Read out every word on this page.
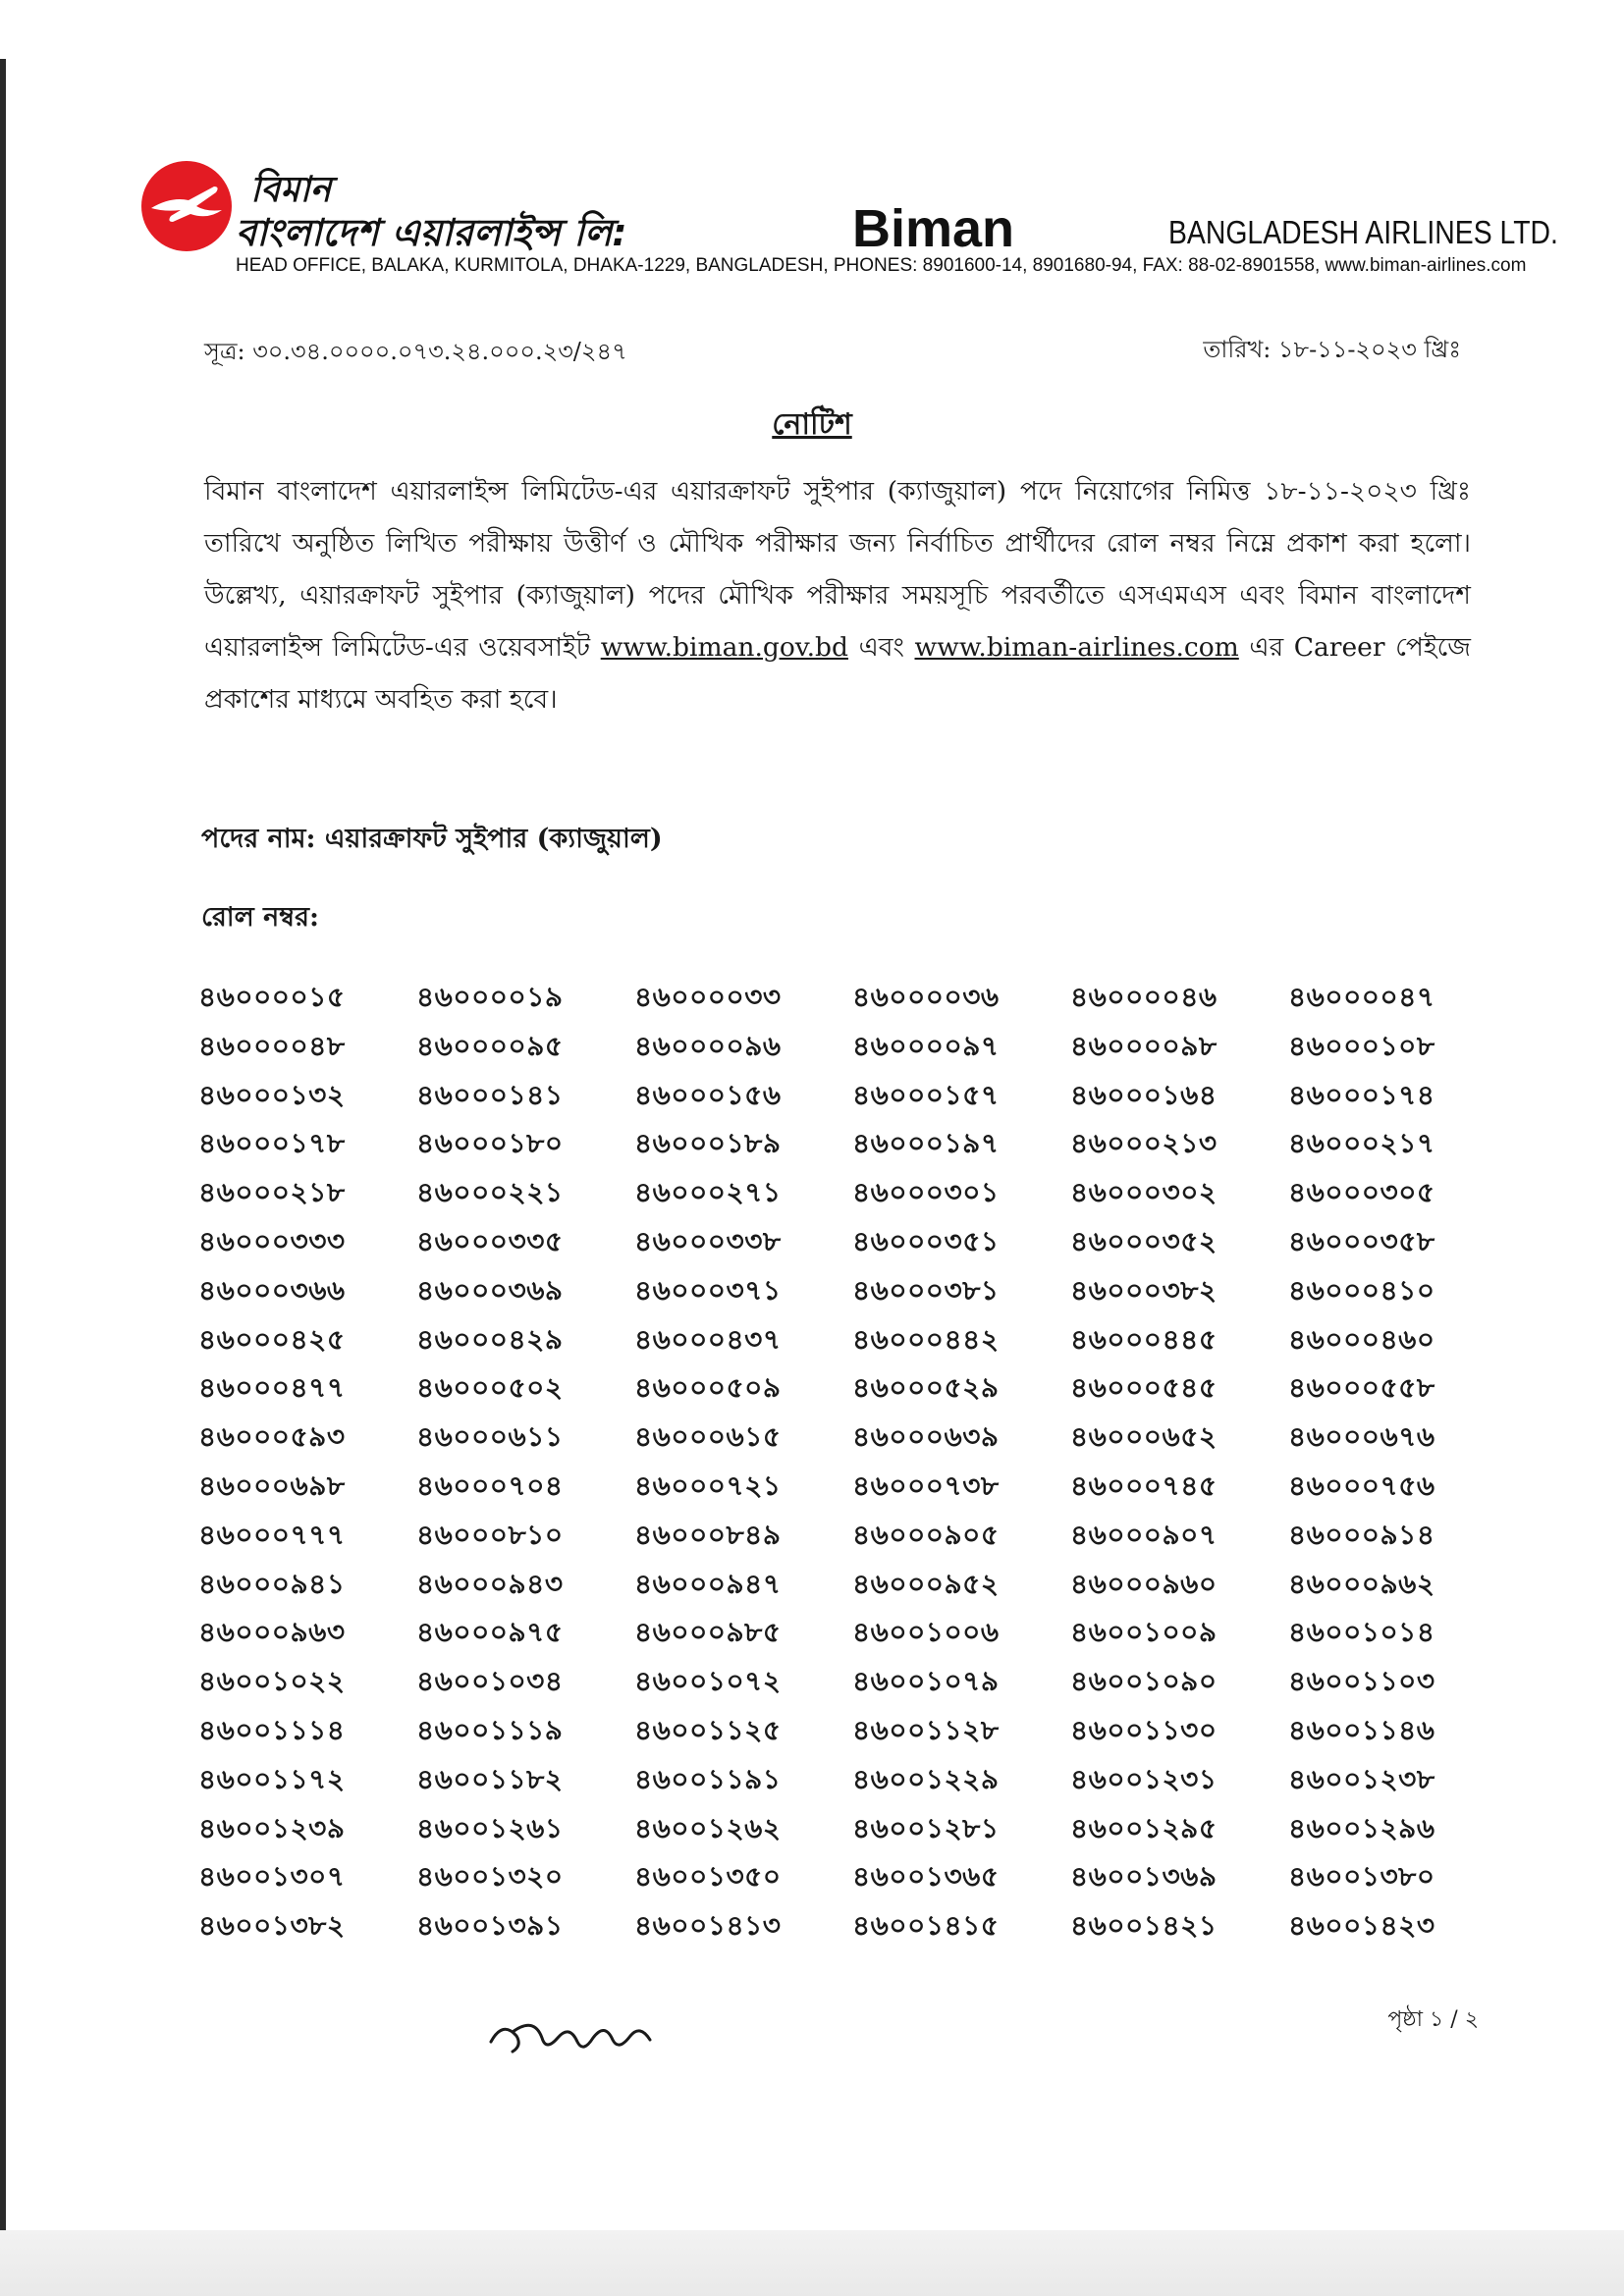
বিমান
বাংলাদেশ এয়ারলাইন্স লি:	Biman	BANGLADESH AIRLINES LTD.
HEAD OFFICE, BALAKA, KURMITOLA, DHAKA-1229, BANGLADESH, PHONES: 8901600-14, 8901680-94, FAX: 88-02-8901558, www.biman-airlines.com
সূত্র: ৩০.৩৪.০০০০.০৭৩.২৪.০০০.২৩/২৪৭	তারিখ: ১৮-১১-২০২৩ খ্রিঃ
নোটিশ
বিমান বাংলাদেশ এয়ারলাইন্স লিমিটেড-এর এয়ারক্রাফট সুইপার (ক্যাজুয়াল) পদে নিয়োগের নিমিত্ত ১৮-১১-২০২৩ খ্রিঃ তারিখে অনুষ্ঠিত লিখিত পরীক্ষায় উত্তীর্ণ ও মৌখিক পরীক্ষার জন্য নির্বাচিত প্রার্থীদের রোল নম্বর নিম্নে প্রকাশ করা হলো। উল্লেখ্য, এয়ারক্রাফট সুইপার (ক্যাজুয়াল) পদের মৌখিক পরীক্ষার সময়সূচি পরবর্তীতে এসএমএস এবং বিমান বাংলাদেশ এয়ারলাইন্স লিমিটেড-এর ওয়েবসাইট www.biman.gov.bd এবং www.biman-airlines.com এর Career পেইজে প্রকাশের মাধ্যমে অবহিত করা হবে।
পদের নাম: এয়ারক্রাফট সুইপার (ক্যাজুয়াল)
রোল নম্বর:
৪৬০০০০১৫	৪৬০০০০১৯	৪৬০০০০৩৩	৪৬০০০০৩৬	৪৬০০০০৪৬	৪৬০০০০৪৭
৪৬০০০০৪৮	৪৬০০০০৯৫	৪৬০০০০৯৬	৪৬০০০০৯৭	৪৬০০০০৯৮	৪৬০০০১০৮
৪৬০০০১৩২	৪৬০০০১৪১	৪৬০০০১৫৬	৪৬০০০১৫৭	৪৬০০০১৬৪	৪৬০০০১৭৪
৪৬০০০১৭৮	৪৬০০০১৮০	৪৬০০০১৮৯	৪৬০০০১৯৭	৪৬০০০২১৩	৪৬০০০২১৭
৪৬০০০২১৮	৪৬০০০২২১	৪৬০০০২৭১	৪৬০০০৩০১	৪৬০০০৩০২	৪৬০০০৩০৫
৪৬০০০৩৩৩	৪৬০০০৩৩৫	৪৬০০০৩৩৮	৪৬০০০৩৫১	৪৬০০০৩৫২	৪৬০০০৩৫৮
৪৬০০০৩৬৬	৪৬০০০৩৬৯	৪৬০০০৩৭১	৪৬০০০৩৮১	৪৬০০০৩৮২	৪৬০০০৪১০
৪৬০০০৪২৫	৪৬০০০৪২৯	৪৬০০০৪৩৭	৪৬০০০৪৪২	৪৬০০০৪৪৫	৪৬০০০৪৬০
৪৬০০০৪৭৭	৪৬০০০৫০২	৪৬০০০৫০৯	৪৬০০০৫২৯	৪৬০০০৫৪৫	৪৬০০০৫৫৮
৪৬০০০৫৯৩	৪৬০০০৬১১	৪৬০০০৬১৫	৪৬০০০৬৩৯	৪৬০০০৬৫২	৪৬০০০৬৭৬
৪৬০০০৬৯৮	৪৬০০০৭০৪	৪৬০০০৭২১	৪৬০০০৭৩৮	৪৬০০০৭৪৫	৪৬০০০৭৫৬
৪৬০০০৭৭৭	৪৬০০০৮১০	৪৬০০০৮৪৯	৪৬০০০৯০৫	৪৬০০০৯০৭	৪৬০০০৯১৪
৪৬০০০৯৪১	৪৬০০০৯৪৩	৪৬০০০৯৪৭	৪৬০০০৯৫২	৪৬০০০৯৬০	৪৬০০০৯৬২
৪৬০০০৯৬৩	৪৬০০০৯৭৫	৪৬০০০৯৮৫	৪৬০০১০০৬	৪৬০০১০০৯	৪৬০০১০১৪
৪৬০০১০২২	৪৬০০১০৩৪	৪৬০০১০৭২	৪৬০০১০৭৯	৪৬০০১০৯০	৪৬০০১১০৩
৪৬০০১১১৪	৪৬০০১১১৯	৪৬০০১১২৫	৪৬০০১১২৮	৪৬০০১১৩০	৪৬০০১১৪৬
৪৬০০১১৭২	৪৬০০১১৮২	৪৬০০১১৯১	৪৬০০১২২৯	৪৬০০১২৩১	৪৬০০১২৩৮
৪৬০০১২৩৯	৪৬০০১২৬১	৪৬০০১২৬২	৪৬০০১২৮১	৪৬০০১২৯৫	৪৬০০১২৯৬
৪৬০০১৩০৭	৪৬০০১৩২০	৪৬০০১৩৫০	৪৬০০১৩৬৫	৪৬০০১৩৬৯	৪৬০০১৩৮০
৪৬০০১৩৮২	৪৬০০১৩৯১	৪৬০০১৪১৩	৪৬০০১৪১৫	৪৬০০১৪২১	৪৬০০১৪২৩
পৃষ্ঠা ১ / ২
